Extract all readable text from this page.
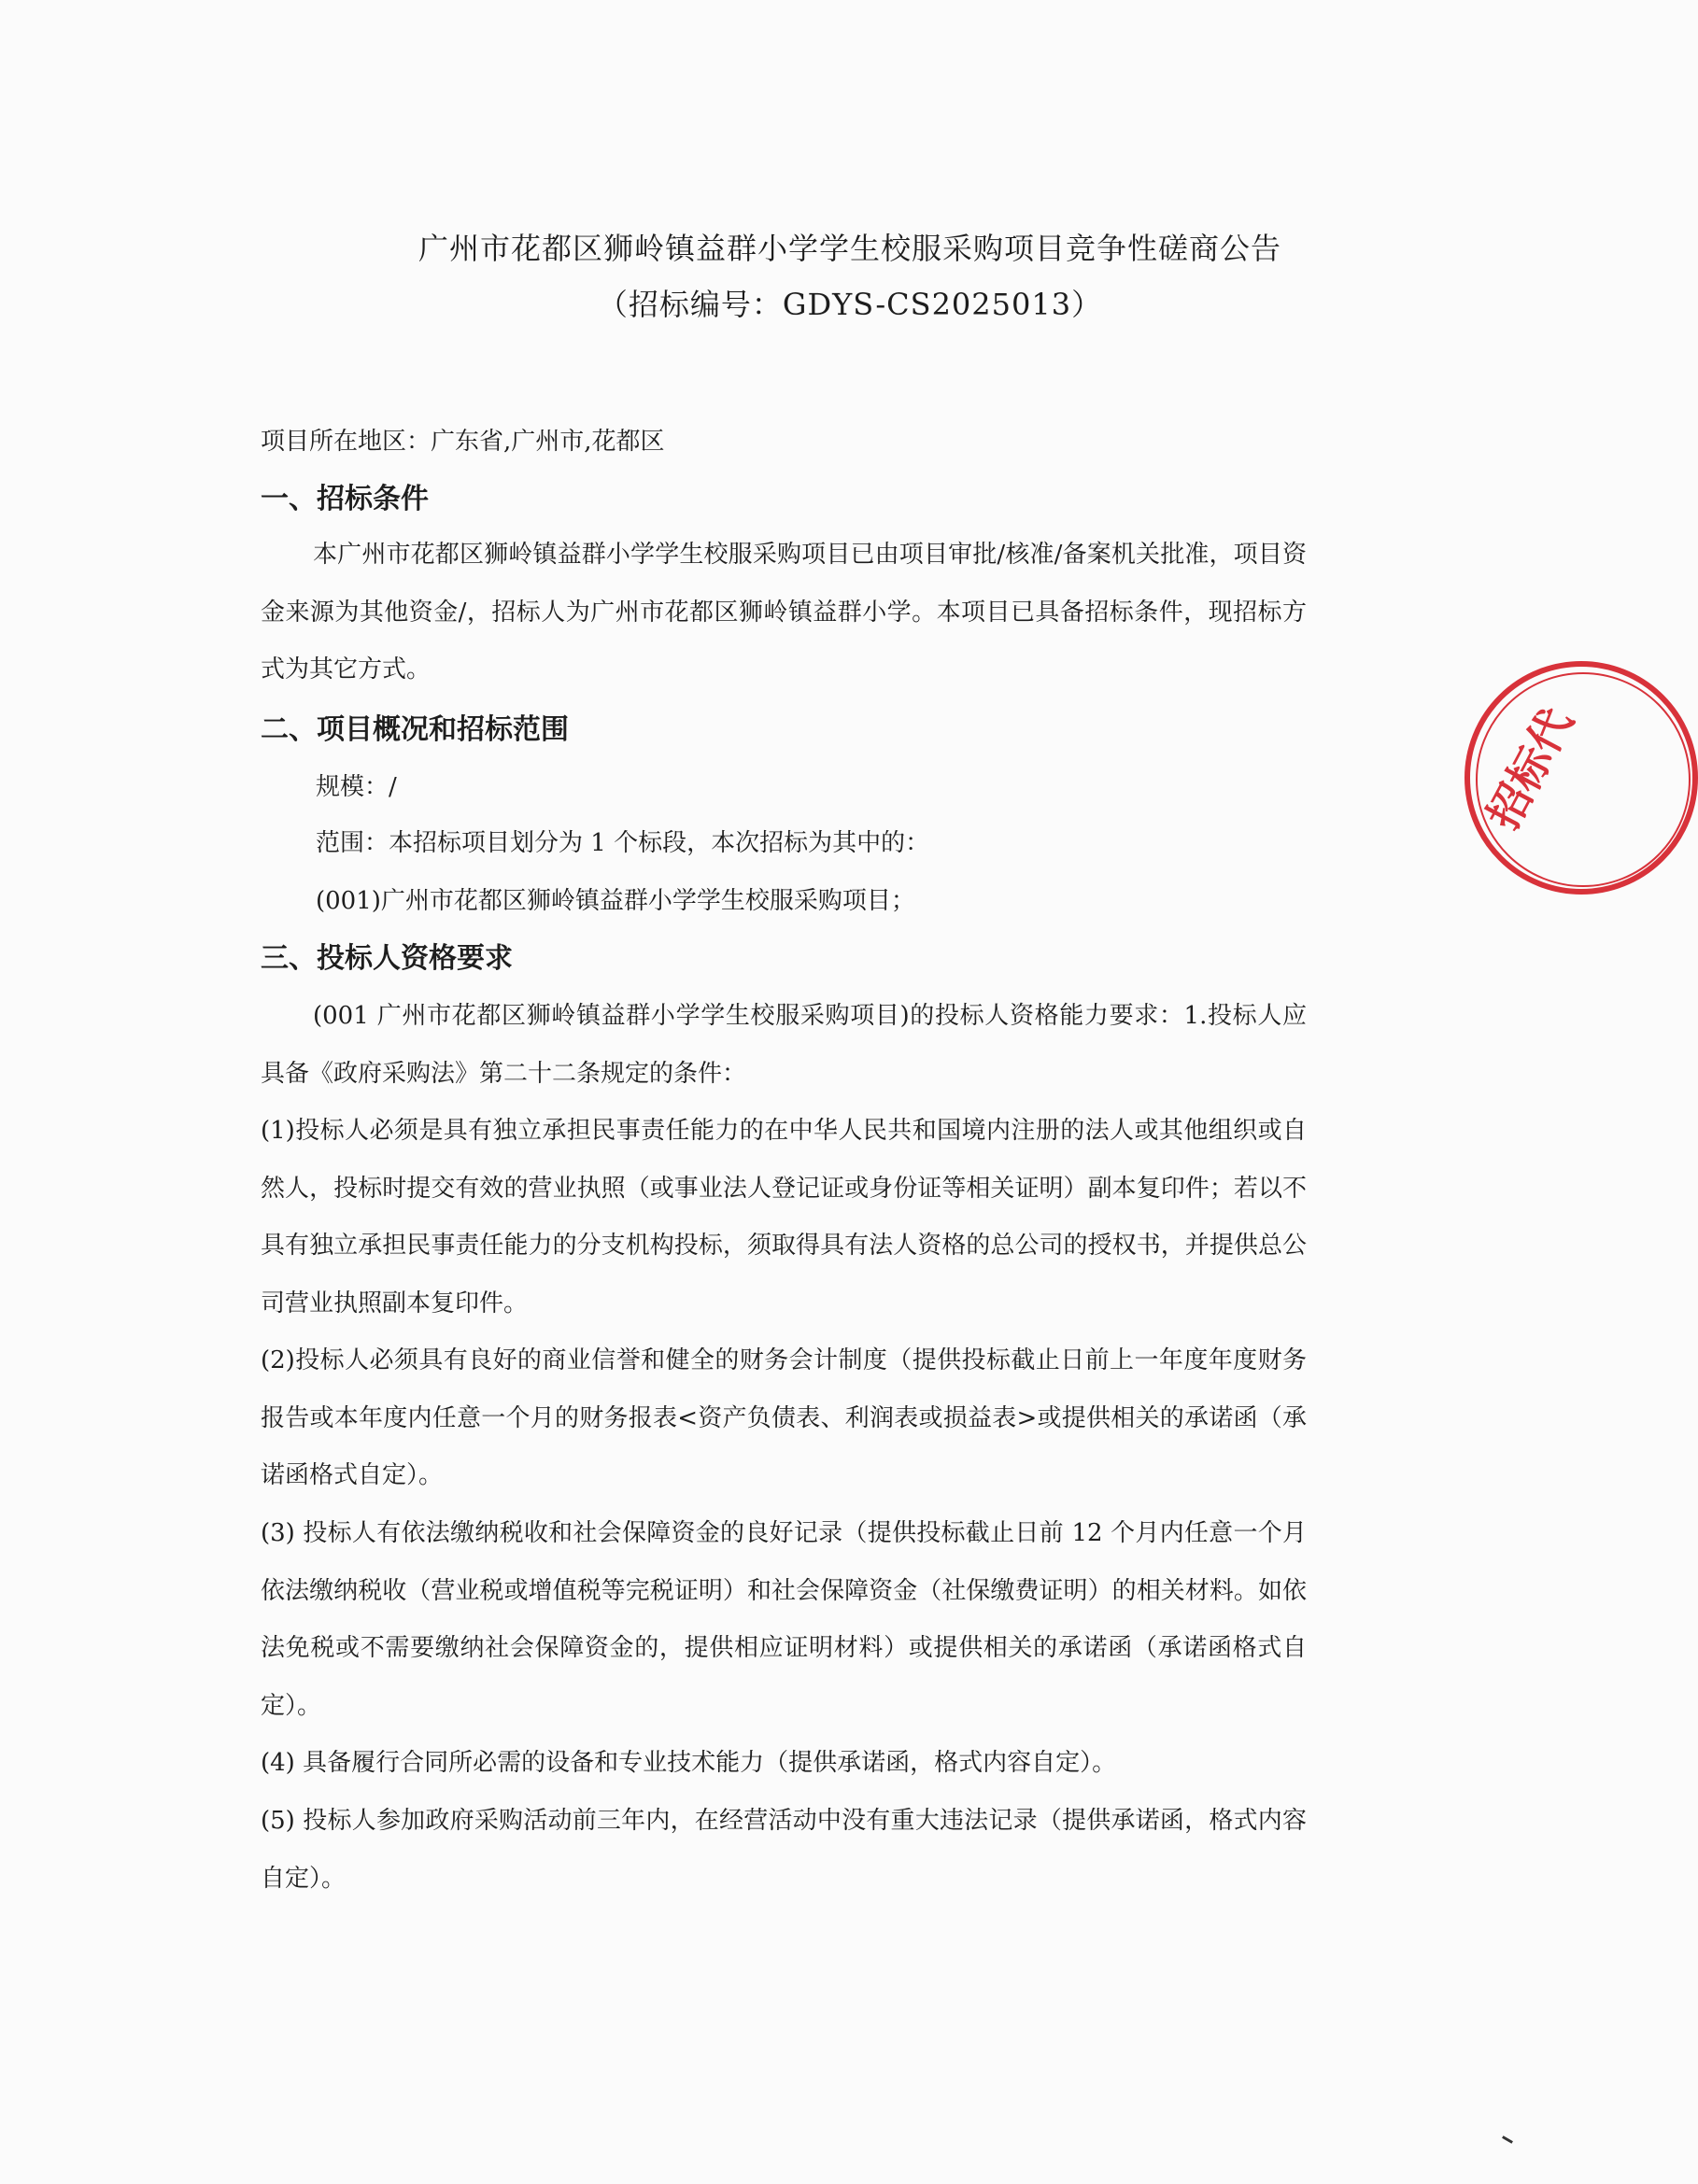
广州市花都区狮岭镇益群小学学生校服采购项目竞争性磋商公告
（招标编号：GDYS-CS2025013）
项目所在地区：广东省,广州市,花都区
一、招标条件
本广州市花都区狮岭镇益群小学学生校服采购项目已由项目审批/核准/备案机关批准，项目资金来源为其他资金/，招标人为广州市花都区狮岭镇益群小学。本项目已具备招标条件，现招标方式为其它方式。
二、项目概况和招标范围
规模：/
范围：本招标项目划分为 1 个标段，本次招标为其中的：
(001)广州市花都区狮岭镇益群小学学生校服采购项目；
三、投标人资格要求
(001 广州市花都区狮岭镇益群小学学生校服采购项目)的投标人资格能力要求：1.投标人应具备《政府采购法》第二十二条规定的条件：
(1)投标人必须是具有独立承担民事责任能力的在中华人民共和国境内注册的法人或其他组织或自然人，投标时提交有效的营业执照（或事业法人登记证或身份证等相关证明）副本复印件；若以不具有独立承担民事责任能力的分支机构投标，须取得具有法人资格的总公司的授权书，并提供总公司营业执照副本复印件。
(2)投标人必须具有良好的商业信誉和健全的财务会计制度（提供投标截止日前上一年度年度财务报告或本年度内任意一个月的财务报表<资产负债表、利润表或损益表>或提供相关的承诺函（承诺函格式自定）。
(3) 投标人有依法缴纳税收和社会保障资金的良好记录（提供投标截止日前 12 个月内任意一个月依法缴纳税收（营业税或增值税等完税证明）和社会保障资金（社保缴费证明）的相关材料。如依法免税或不需要缴纳社会保障资金的，提供相应证明材料）或提供相关的承诺函（承诺函格式自定）。
(4) 具备履行合同所必需的设备和专业技术能力（提供承诺函，格式内容自定）。
(5) 投标人参加政府采购活动前三年内，在经营活动中没有重大违法记录（提供承诺函，格式内容自定）。
招标代
